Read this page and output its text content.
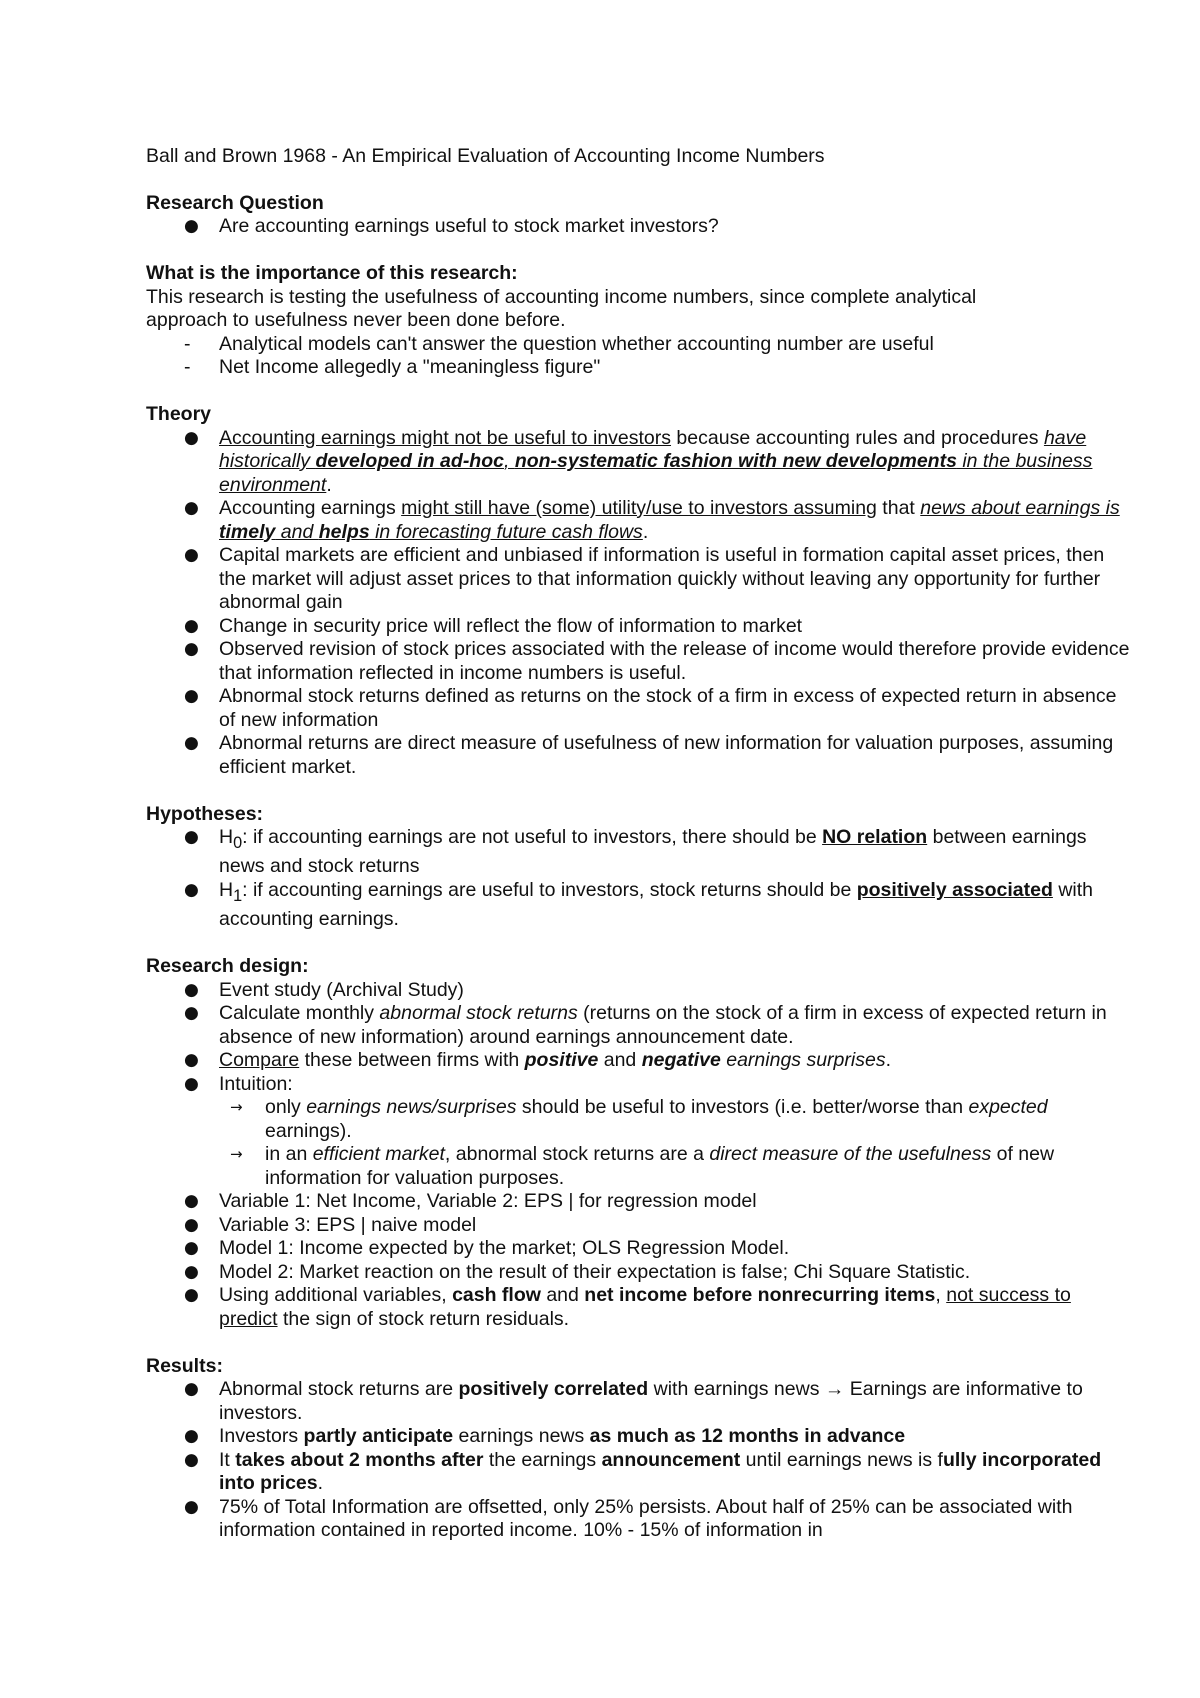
Ball and Brown 1968 - An Empirical Evaluation of Accounting Income Numbers

Research Question

● Are accounting earnings useful to stock market investors?

What is the importance of this research:

This research is testing the usefulness of accounting income numbers, since complete analytical approach to usefulness never been done before.

- Analytical models can't answer the question whether accounting number are useful
- Net Income allegedly a "meaningless figure"

Theory

● Accounting earnings might not be useful to investors because accounting rules and procedures have historically developed in ad-hoc, non-systematic fashion with new developments in the business environment.
● Accounting earnings might still have (some) utility/use to investors assuming that news about earnings is timely and helps in forecasting future cash flows.
● Capital markets are efficient and unbiased if information is useful in formation capital asset prices, then the market will adjust asset prices to that information quickly without leaving any opportunity for further abnormal gain
● Change in security price will reflect the flow of information to market
● Observed revision of stock prices associated with the release of income would therefore provide evidence that information reflected in income numbers is useful.
● Abnormal stock returns defined as returns on the stock of a firm in excess of expected return in absence of new information
● Abnormal returns are direct measure of usefulness of new information for valuation purposes, assuming efficient market.

Hypotheses:

● $H_0$: if accounting earnings are not useful to investors, there should be NO relation between earnings news and stock returns
● $H_1$: if accounting earnings are useful to investors, stock returns should be positively associated with accounting earnings.

Research design:

● Event study (Archival Study)
● Calculate monthly abnormal stock returns (returns on the stock of a firm in excess of expected return in absence of new information) around earnings announcement date.
● Compare these between firms with positive and negative earnings surprises.
● Intuition:
→ only earnings news/surprises should be useful to investors (i.e. better/worse than expected earnings).
→ in an efficient market, abnormal stock returns are a direct measure of the usefulness of new information for valuation purposes.
● Variable 1: Net Income, Variable 2: EPS | for regression model
● Variable 3: EPS | naive model
● Model 1: Income expected by the market; OLS Regression Model.
● Model 2: Market reaction on the result of their expectation is false; Chi Square Statistic.
● Using additional variables, cash flow and net income before nonrecurring items, not success to predict the sign of stock return residuals.

Results:

● Abnormal stock returns are positively correlated with earnings news → Earnings are informative to investors.
● Investors partly anticipate earnings news as much as 12 months in advance
● It takes about 2 months after the earnings announcement until earnings news is fully incorporated into prices.
● 75% of Total Information are offsetted, only 25% persists. About half of 25% can be associated with information contained in reported income. 10% - 15% of information in
